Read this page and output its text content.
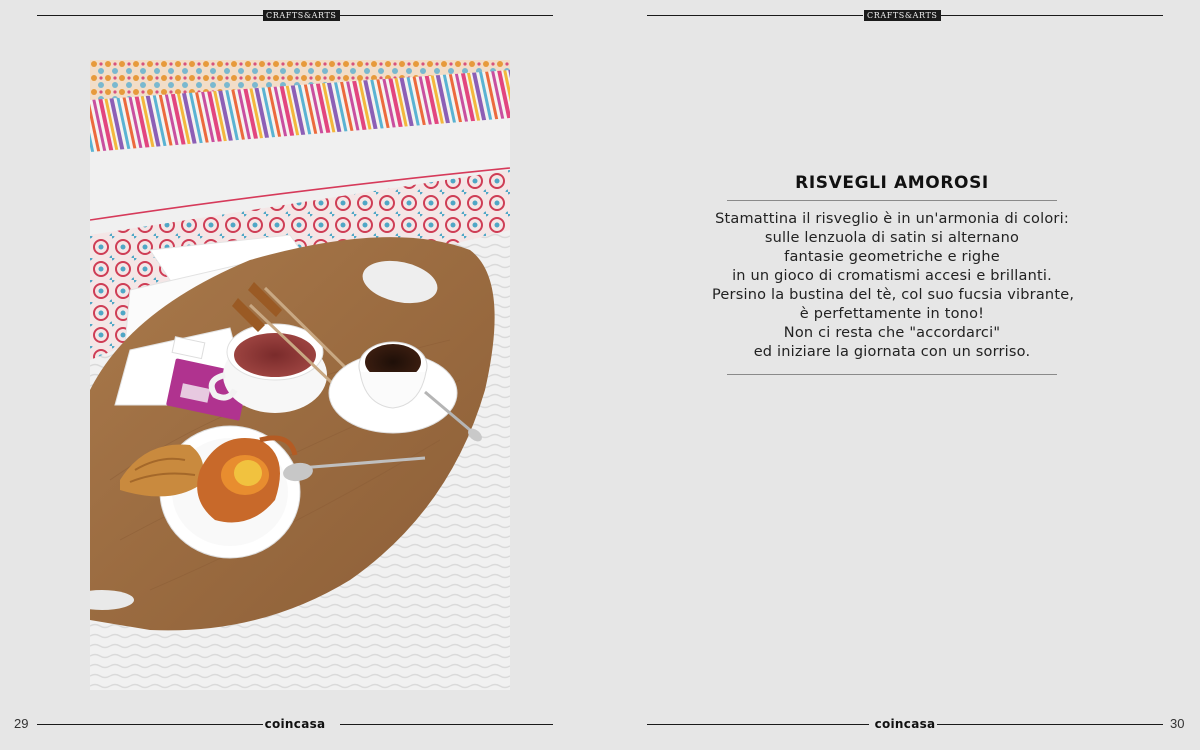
CRAFTS&ARTS
coincasa
29
CRAFTS&ARTS
RISVEGLI AMOROSI
Stamattina il risveglio è in un'armonia di colori:
sulle lenzuola di satin si alternano
fantasie geometriche e righe
in un gioco di cromatismi accesi e brillanti.
Persino la bustina del tè, col suo fucsia vibrante,
è perfettamente in tono!
Non ci resta che "accordarci"
ed iniziare la giornata con un sorriso.
coincasa	30
